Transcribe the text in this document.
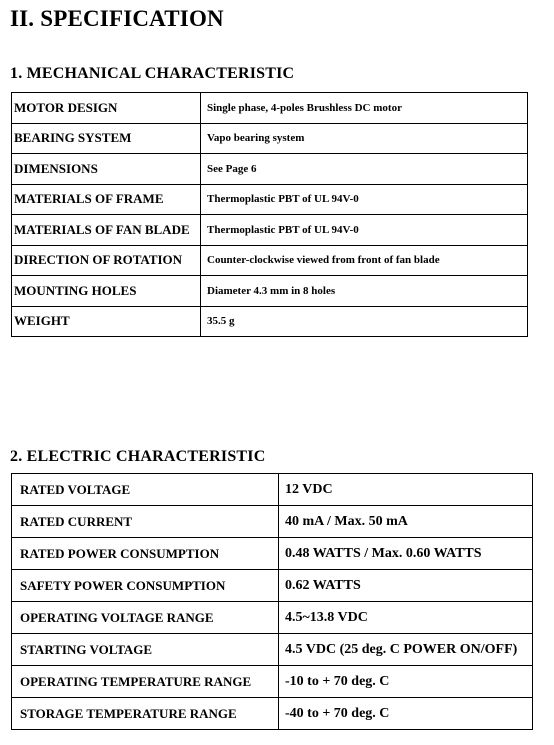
II. SPECIFICATION
1. MECHANICAL CHARACTERISTIC
MOTOR DESIGN	Single phase, 4-poles Brushless DC motor
BEARING SYSTEM	Vapo bearing system
DIMENSIONS	See Page 6
MATERIALS OF FRAME	Thermoplastic PBT of UL 94V-0
MATERIALS OF FAN BLADE	Thermoplastic PBT of UL 94V-0
DIRECTION OF ROTATION	Counter-clockwise viewed from front of fan blade
MOUNTING HOLES	Diameter 4.3 mm in 8 holes
WEIGHT	35.5 g
2. ELECTRIC CHARACTERISTIC
RATED VOLTAGE	12 VDC
RATED CURRENT	40 mA / Max. 50 mA
RATED POWER CONSUMPTION	0.48 WATTS / Max. 0.60 WATTS
SAFETY POWER CONSUMPTION	0.62 WATTS
OPERATING VOLTAGE RANGE	4.5~13.8 VDC
STARTING VOLTAGE	4.5 VDC (25 deg. C POWER ON/OFF)
OPERATING TEMPERATURE RANGE	-10 to + 70 deg. C
STORAGE TEMPERATURE RANGE	-40 to + 70 deg. C
